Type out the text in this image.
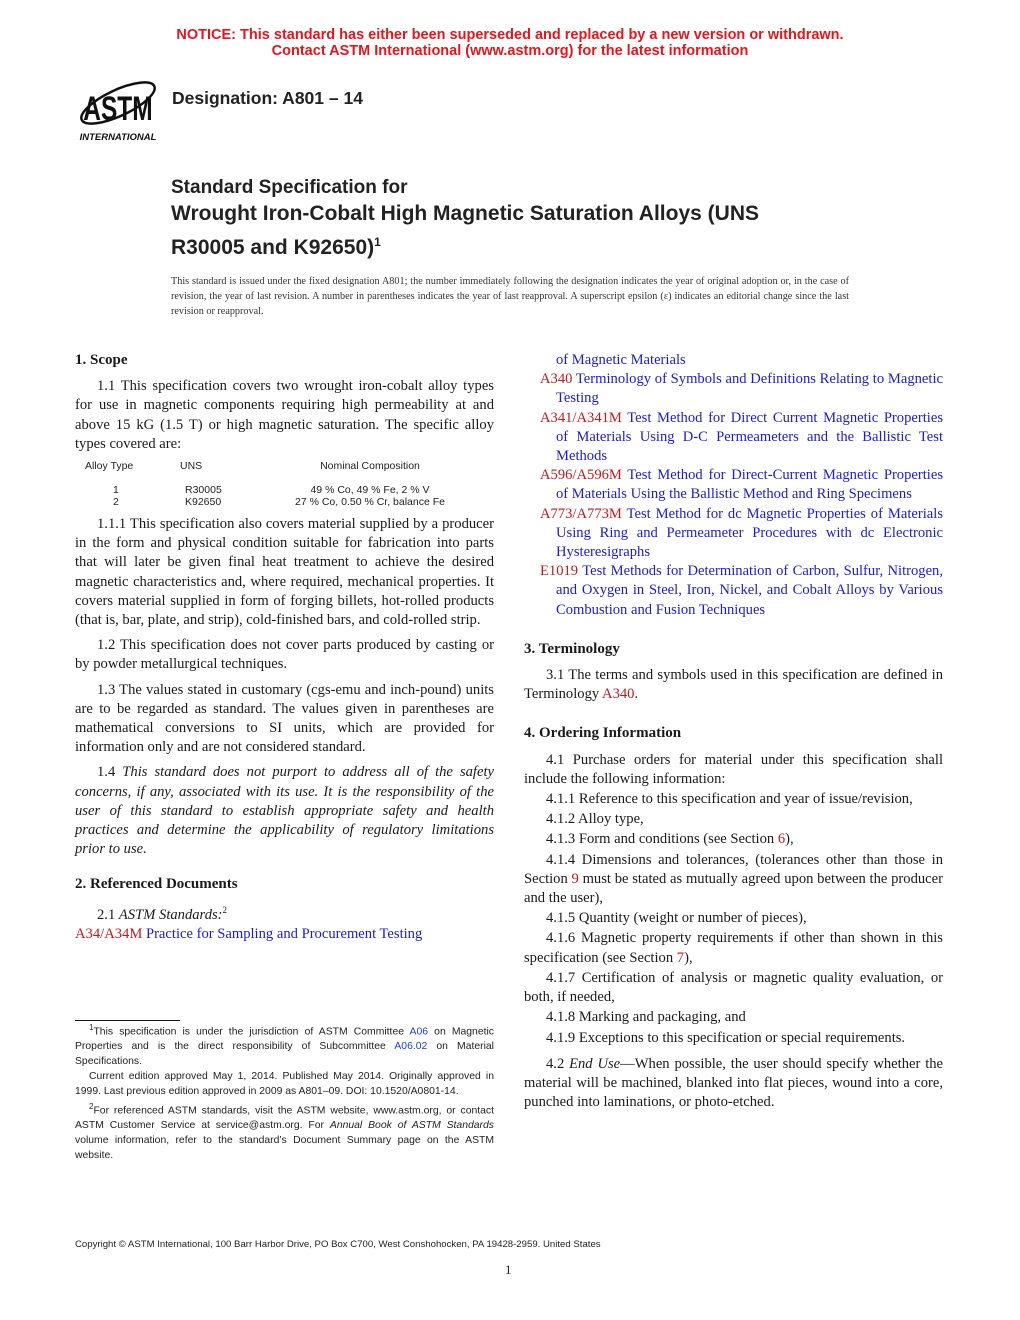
NOTICE: This standard has either been superseded and replaced by a new version or withdrawn.
Contact ASTM International (www.astm.org) for the latest information
ASTM
INTERNATIONAL
Designation: A801 – 14
Standard Specification for
Wrought Iron-Cobalt High Magnetic Saturation Alloys (UNS
R30005 and K92650)$^1$
This standard is issued under the fixed designation A801; the number immediately following the designation indicates the year of original adoption or, in the case of revision, the year of last revision. A number in parentheses indicates the year of last reapproval. A superscript epsilon (ε) indicates an editorial change since the last revision or reapproval.

1. Scope

1.1 This specification covers two wrought iron-cobalt alloy types for use in magnetic components requiring high permeability at and above 15 kG (1.5 T) or high magnetic saturation. The specific alloy types covered are:

Alloy Type	UNS	Nominal Composition

1	R30005	49 % Co, 49 % Fe, 2 % V
2	K92650	27 % Co, 0.50 % Cr, balance Fe

1.1.1 This specification also covers material supplied by a producer in the form and physical condition suitable for fabrication into parts that will later be given final heat treatment to achieve the desired magnetic characteristics and, where required, mechanical properties. It covers material supplied in form of forging billets, hot-rolled products (that is, bar, plate, and strip), cold-finished bars, and cold-rolled strip.

1.2 This specification does not cover parts produced by casting or by powder metallurgical techniques.

1.3 The values stated in customary (cgs-emu and inch-pound) units are to be regarded as standard. The values given in parentheses are mathematical conversions to SI units, which are provided for information only and are not considered standard.

1.4 This standard does not purport to address all of the safety concerns, if any, associated with its use. It is the responsibility of the user of this standard to establish appropriate safety and health practices and determine the applicability of regulatory limitations prior to use.

2. Referenced Documents

2.1 ASTM Standards:$^2$

A34/A34M Practice for Sampling and Procurement Testing

$^1$This specification is under the jurisdiction of ASTM Committee A06 on Magnetic Properties and is the direct responsibility of Subcommittee A06.02 on Material Specifications.

Current edition approved May 1, 2014. Published May 2014. Originally approved in 1999. Last previous edition approved in 2009 as A801–09. DOI: 10.1520/A0801-14.

$^2$For referenced ASTM standards, visit the ASTM website, www.astm.org, or contact ASTM Customer Service at service@astm.org. For Annual Book of ASTM Standards volume information, refer to the standard’s Document Summary page on the ASTM website.

of Magnetic Materials

A340 Terminology of Symbols and Definitions Relating to Magnetic Testing

A341/A341M Test Method for Direct Current Magnetic Properties of Materials Using D-C Permeameters and the Ballistic Test Methods

A596/A596M Test Method for Direct-Current Magnetic Properties of Materials Using the Ballistic Method and Ring Specimens

A773/A773M Test Method for dc Magnetic Properties of Materials Using Ring and Permeameter Procedures with dc Electronic Hysteresigraphs

E1019 Test Methods for Determination of Carbon, Sulfur, Nitrogen, and Oxygen in Steel, Iron, Nickel, and Cobalt Alloys by Various Combustion and Fusion Techniques

3. Terminology

3.1 The terms and symbols used in this specification are defined in Terminology A340.

4. Ordering Information

4.1 Purchase orders for material under this specification shall include the following information:

4.1.1 Reference to this specification and year of issue/revision,

4.1.2 Alloy type,

4.1.3 Form and conditions (see Section 6),

4.1.4 Dimensions and tolerances, (tolerances other than those in Section 9 must be stated as mutually agreed upon between the producer and the user),

4.1.5 Quantity (weight or number of pieces),

4.1.6 Magnetic property requirements if other than shown in this specification (see Section 7),

4.1.7 Certification of analysis or magnetic quality evaluation, or both, if needed,

4.1.8 Marking and packaging, and

4.1.9 Exceptions to this specification or special requirements.

4.2 End Use—When possible, the user should specify whether the material will be machined, blanked into flat pieces, wound into a core, punched into laminations, or photo-etched.

Copyright © ASTM International, 100 Barr Harbor Drive, PO Box C700, West Conshohocken, PA 19428-2959. United States
1
